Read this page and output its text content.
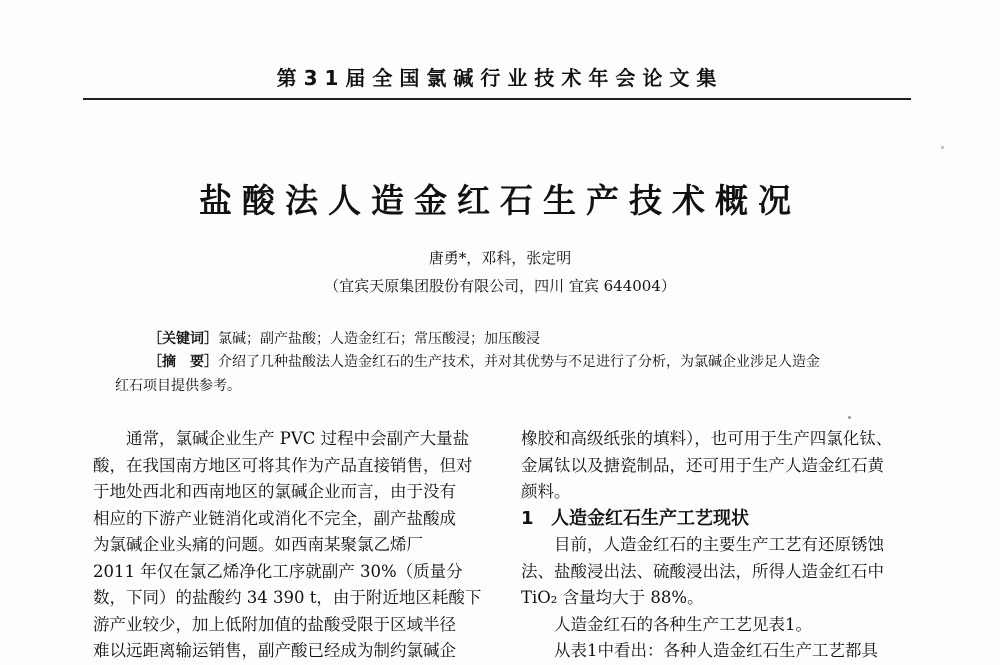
第31届全国氯碱行业技术年会论文集
盐酸法人造金红石生产技术概况
唐勇*，邓科，张定明
（宜宾天原集团股份有限公司，四川 宜宾 644004）
［关键词］氯碱；副产盐酸；人造金红石；常压酸浸；加压酸浸
［摘　要］介绍了几种盐酸法人造金红石的生产技术，并对其优势与不足进行了分析，为氯碱企业涉足人造金
红石项目提供参考。

通常，氯碱企业生产 PVC 过程中会副产大量盐

酸，在我国南方地区可将其作为产品直接销售，但对

于地处西北和西南地区的氯碱企业而言，由于没有

相应的下游产业链消化或消化不完全，副产盐酸成

为氯碱企业头痛的问题。如西南某聚氯乙烯厂

2011 年仅在氯乙烯净化工序就副产 30%（质量分

数，下同）的盐酸约 34 390 t，由于附近地区耗酸下

游产业较少，加上低附加值的盐酸受限于区域半径

难以远距离输运销售，副产酸已经成为制约氯碱企

橡胶和高级纸张的填料），也可用于生产四氯化钛、

金属钛以及搪瓷制品，还可用于生产人造金红石黄

颜料。

1 人造金红石生产工艺现状

目前，人造金红石的主要生产工艺有还原锈蚀

法、盐酸浸出法、硫酸浸出法，所得人造金红石中

TiO₂ 含量均大于 88%。

人造金红石的各种生产工艺见表1。

从表1中看出：各种人造金红石生产工艺都具
